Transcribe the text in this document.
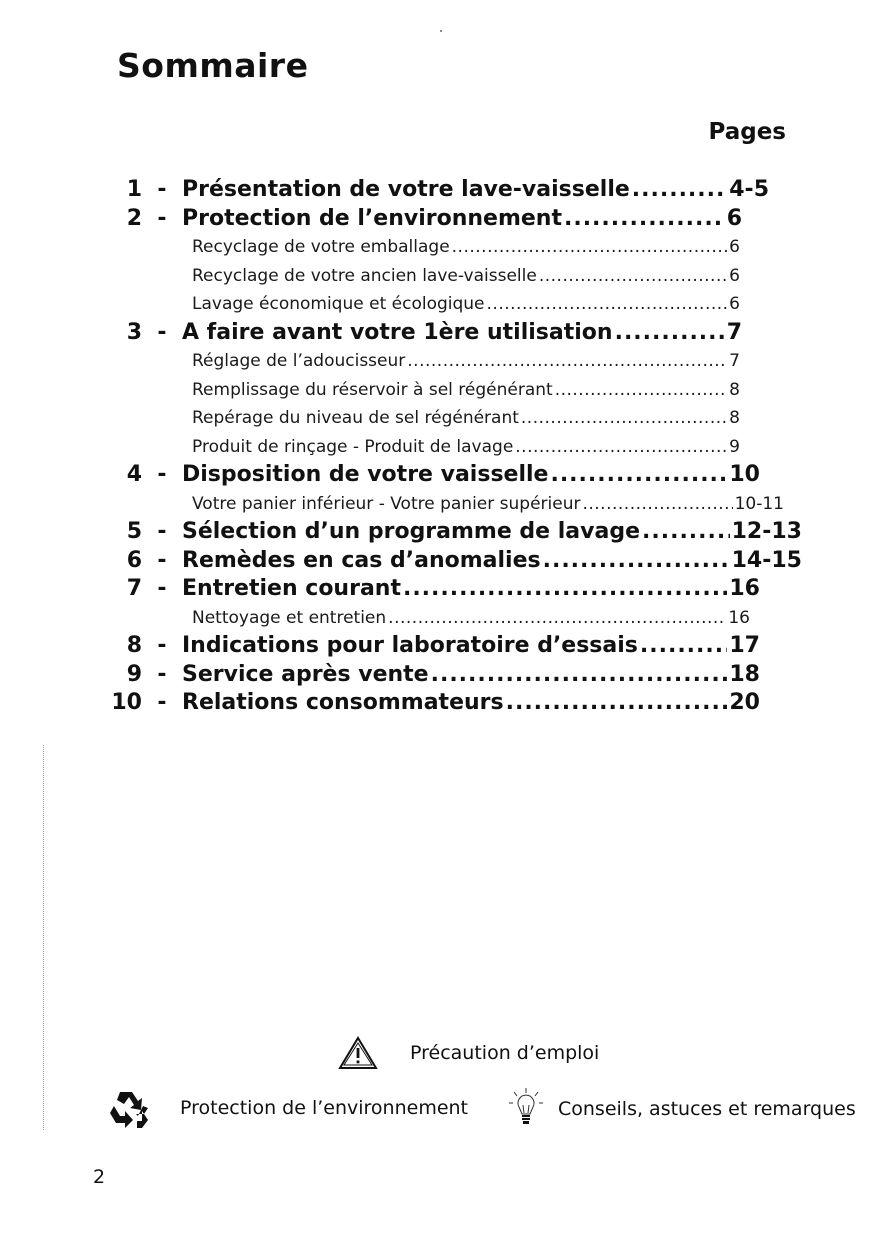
Sommaire
Pages
1 - Présentation de votre lave-vaisselle .....	4-5
2 - Protection de l’environnement .....	6
Recyclage de votre emballage .....	6
Recyclage de votre ancien lave-vaisselle .....	6
Lavage économique et écologique .....	6
3 - A faire avant votre 1ère utilisation .....	7
Réglage de l’adoucisseur .....	7
Remplissage du réservoir à sel régénérant .....	8
Repérage du niveau de sel régénérant .....	8
Produit de rinçage - Produit de lavage .....	9
4 - Disposition de votre vaisselle .....	10
Votre panier inférieur - Votre panier supérieur .....	10-11
5 - Sélection d’un programme de lavage .....	12-13
6 - Remèdes en cas d’anomalies .....	14-15
7 - Entretien courant .....	16
Nettoyage et entretien .....	16
8 - Indications pour laboratoire d’essais .....	17
9 - Service après vente .....	18
10 - Relations consommateurs .....	20
Précaution d’emploi
Protection de l’environnement	Conseils, astuces et remarques
2
